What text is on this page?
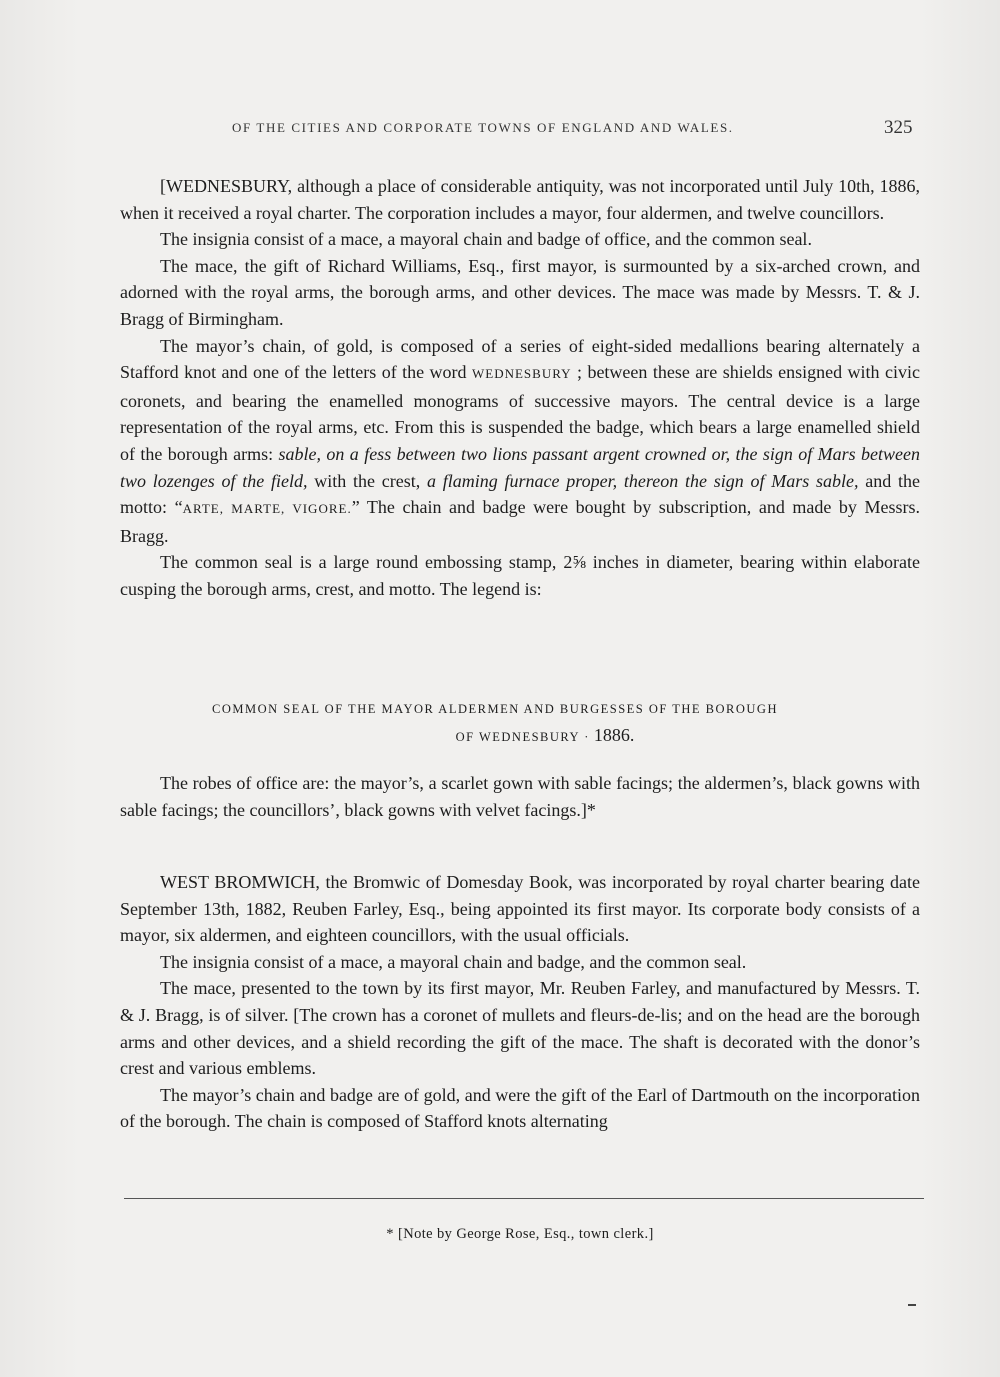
OF THE CITIES AND CORPORATE TOWNS OF ENGLAND AND WALES.	325

[WEDNESBURY, although a place of considerable antiquity, was not incorporated until July 10th, 1886, when it received a royal charter. The corporation includes a mayor, four aldermen, and twelve councillors.

The insignia consist of a mace, a mayoral chain and badge of office, and the common seal.

The mace, the gift of Richard Williams, Esq., first mayor, is surmounted by a six-arched crown, and adorned with the royal arms, the borough arms, and other devices. The mace was made by Messrs. T. & J. Bragg of Birmingham.

The mayor’s chain, of gold, is composed of a series of eight-sided medallions bearing alternately a Stafford knot and one of the letters of the word WEDNESBURY ; between these are shields ensigned with civic coronets, and bearing the enamelled monograms of successive mayors. The central device is a large representation of the royal arms, etc. From this is suspended the badge, which bears a large enamelled shield of the borough arms: sable, on a fess between two lions passant argent crowned or, the sign of Mars between two lozenges of the field, with the crest, a flaming furnace proper, thereon the sign of Mars sable, and the motto: “ARTE, MARTE, VIGORE.” The chain and badge were bought by subscription, and made by Messrs. Bragg.

The common seal is a large round embossing stamp, 2⅝ inches in diameter, bearing within elaborate cusping the borough arms, crest, and motto. The legend is:

COMMON SEAL OF THE MAYOR ALDERMEN AND BURGESSES OF THE BOROUGH
OF WEDNESBURY · 1886.

The robes of office are: the mayor’s, a scarlet gown with sable facings; the aldermen’s, black gowns with sable facings; the councillors’, black gowns with velvet facings.]*

WEST BROMWICH, the Bromwic of Domesday Book, was incorporated by royal charter bearing date September 13th, 1882, Reuben Farley, Esq., being appointed its first mayor. Its corporate body consists of a mayor, six aldermen, and eighteen councillors, with the usual officials.

The insignia consist of a mace, a mayoral chain and badge, and the common seal.

The mace, presented to the town by its first mayor, Mr. Reuben Farley, and manufactured by Messrs. T. & J. Bragg, is of silver. [The crown has a coronet of mullets and fleurs-de-lis; and on the head are the borough arms and other devices, and a shield recording the gift of the mace. The shaft is decorated with the donor’s crest and various emblems.

The mayor’s chain and badge are of gold, and were the gift of the Earl of Dartmouth on the incorporation of the borough. The chain is composed of Stafford knots alternating

* [Note by George Rose, Esq., town clerk.]
